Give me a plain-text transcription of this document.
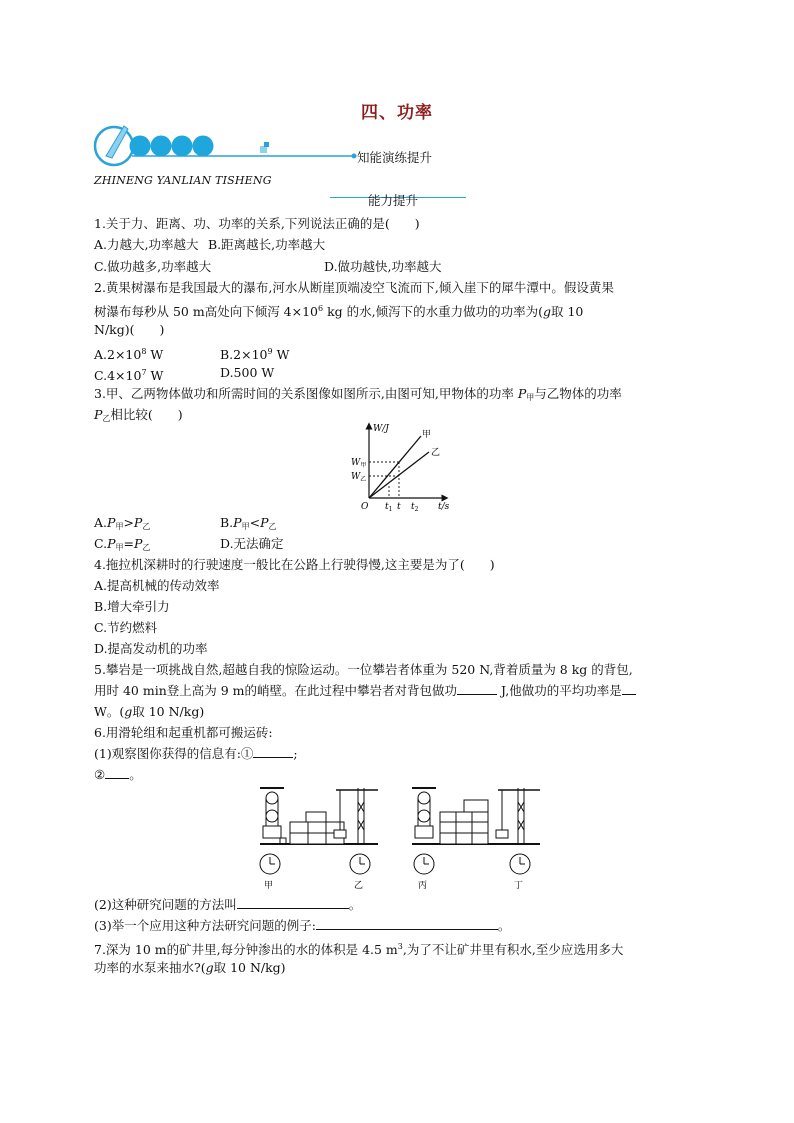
四、功率
知能演练提升
ZHINENG YANLIAN TISHENG
能力提升
1.关于力、距离、功、功率的关系,下列说法正确的是(　　)
A.力越大,功率越大 B.距离越长,功率越大
C.做功越多,功率越大	D.做功越快,功率越大
2.黄果树瀑布是我国最大的瀑布,河水从断崖顶端凌空飞流而下,倾入崖下的犀牛潭中。假设黄果
树瀑布每秒从 50 m高处向下倾泻 $4\times 10^6$ kg 的水,倾泻下的水重力做功的功率为(g取 10
N/kg)(　　)
$A.2\times 10^8$ W	$B.2\times 10^9$ W
$C.4\times 10^7$ W	D.500 W
3.甲、乙两物体做功和所需时间的关系图像如图所示,由图可知,甲物体的功率 $P_甲$与乙物体的功率
$P_乙$相比较(　　)
W/J
t/s
O
甲
乙
$W_甲$
$W_乙$
$t_1$ t $t_2$
$A.P_甲>P_乙$	$B.P_甲<P_乙$
$C.P_甲=P_乙$	D.无法确定
4.拖拉机深耕时的行驶速度一般比在公路上行驶得慢,这主要是为了(　　)
A.提高机械的传动效率
B.增大牵引力
C.节约燃料
D.提高发动机的功率
5.攀岩是一项挑战自然,超越自我的惊险运动。一位攀岩者体重为 520 N,背着质量为 8 kg 的背包,
用时 40 min登上高为 9 m的峭壁。在此过程中攀岩者对背包做功	J,他做功的平均功率是
W。(g取 10 N/kg)
6.用滑轮组和起重机都可搬运砖:
(1)观察图你获得的信息有:①	;
② 。
甲	乙	丙	丁
(2)这种研究问题的方法叫	。
(3)举一个应用这种方法研究问题的例子:	。
7.深为 10 m的矿井里,每分钟渗出的水的体积是 4.5 $m^3$,为了不让矿井里有积水,至少应选用多大
功率的水泵来抽水?(g取 10 N/kg)
